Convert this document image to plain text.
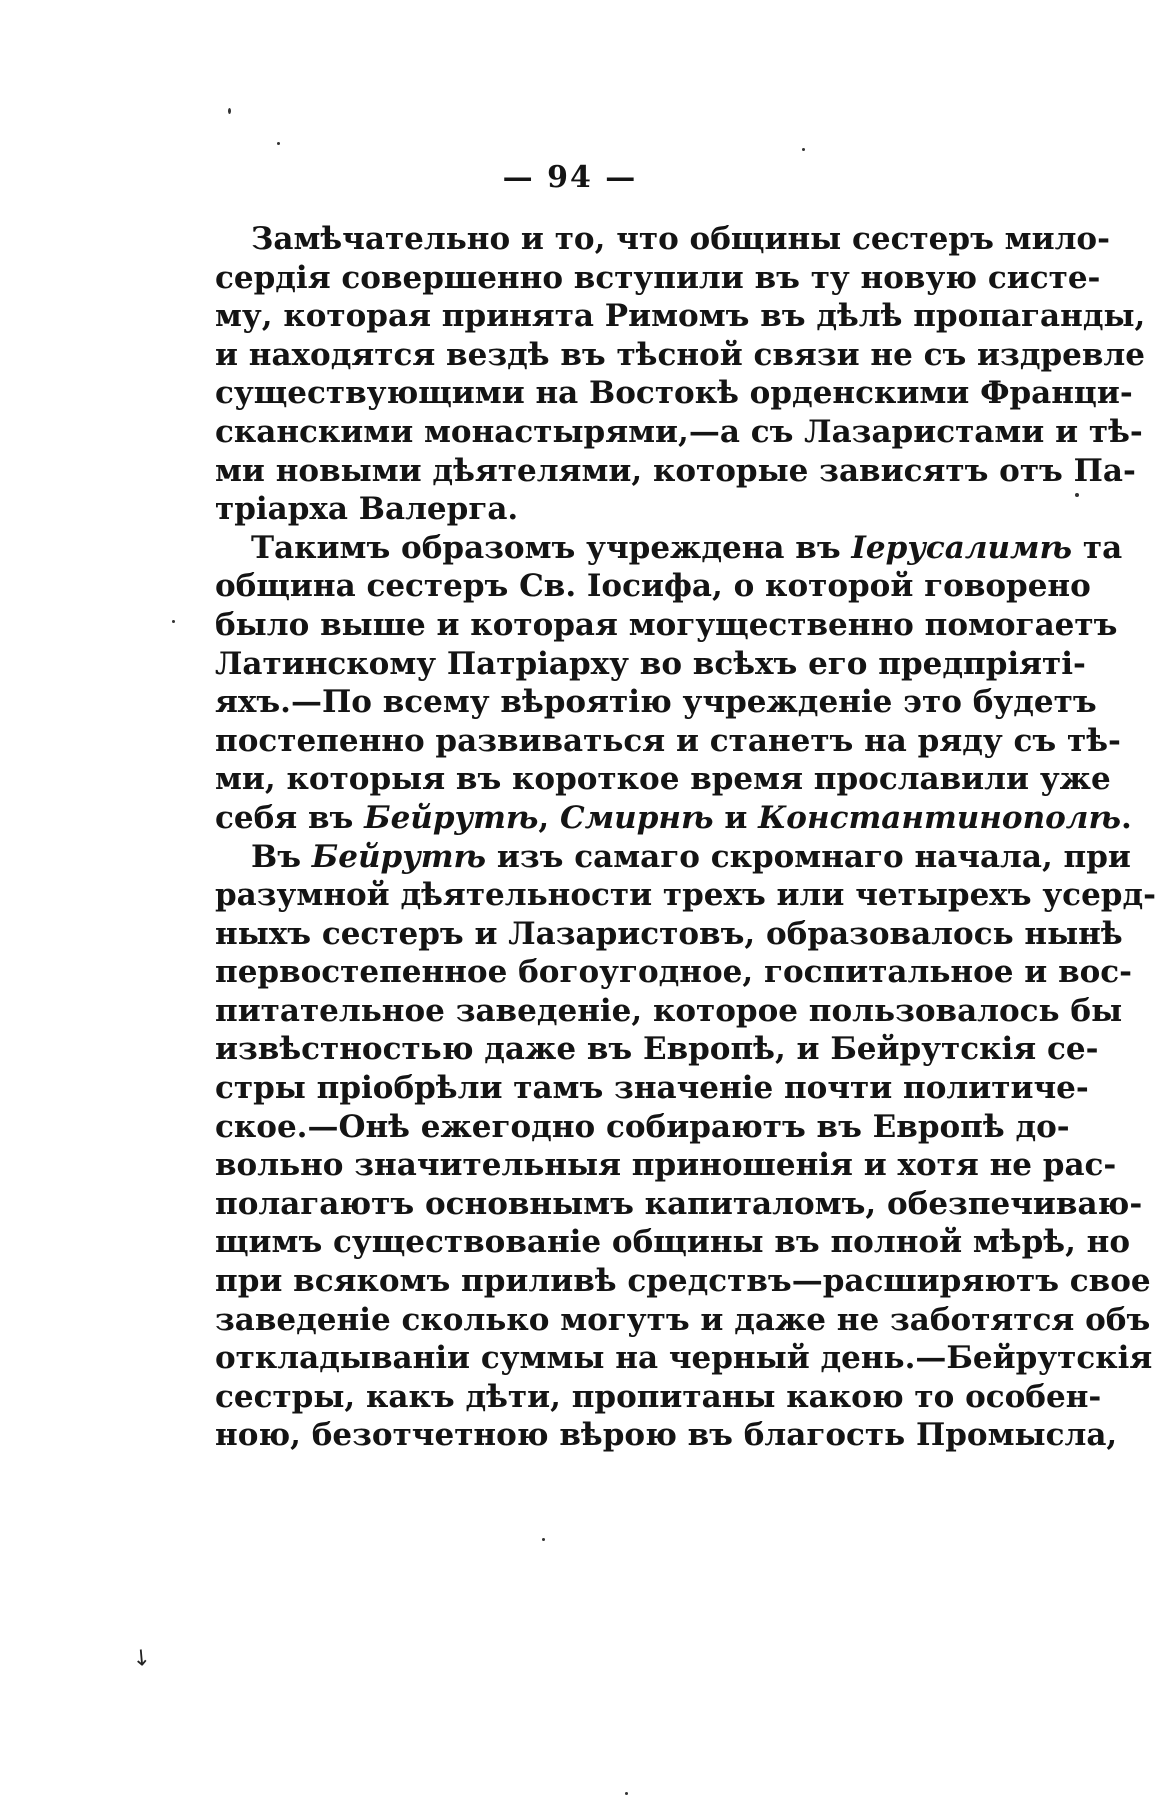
— 94 —
Замѣчательно и то, что общины сестеръ мило-
сердія совершенно вступили въ ту новую систе-
му, которая принята Римомъ въ дѣлѣ пропаганды,
и находятся вездѣ въ тѣсной связи не съ издревле
существующими на Востокѣ орденскими Франци-
сканскими монастырями,—а съ Лазаристами и тѣ-
ми новыми дѣятелями, которые зависятъ отъ Па-
тріарха Валерга.
Такимъ образомъ учреждена въ Іерусалимѣ та
община сестеръ Св. Іосифа, о которой говорено
было выше и которая могущественно помогаетъ
Латинскому Патріарху во всѣхъ его предпріяті-
яхъ.—По всему вѣроятію учрежденіе это будетъ
постепенно развиваться и станетъ на ряду съ тѣ-
ми, которыя въ короткое время прославили уже
себя въ Бейрутѣ, Смирнѣ и Константинополѣ.
Въ Бейрутѣ изъ самаго скромнаго начала, при
разумной дѣятельности трехъ или четырехъ усерд-
ныхъ сестеръ и Лазаристовъ, образовалось нынѣ
первостепенное богоугодное, госпитальное и вос-
питательное заведеніе, которое пользовалось бы
извѣстностью даже въ Европѣ, и Бейрутскія се-
стры пріобрѣли тамъ значеніе почти политиче-
ское.—Онѣ ежегодно собираютъ въ Европѣ до-
вольно значительныя приношенія и хотя не рас-
полагаютъ основнымъ капиталомъ, обезпечиваю-
щимъ существованіе общины въ полной мѣрѣ, но
при всякомъ приливѣ средствъ—расширяютъ свое
заведеніе сколько могутъ и даже не заботятся объ
откладываніи суммы на черный день.—Бейрутскія
сестры, какъ дѣти, пропитаны какою то особен-
ною, безотчетною вѣрою въ благость Промысла,
↘
